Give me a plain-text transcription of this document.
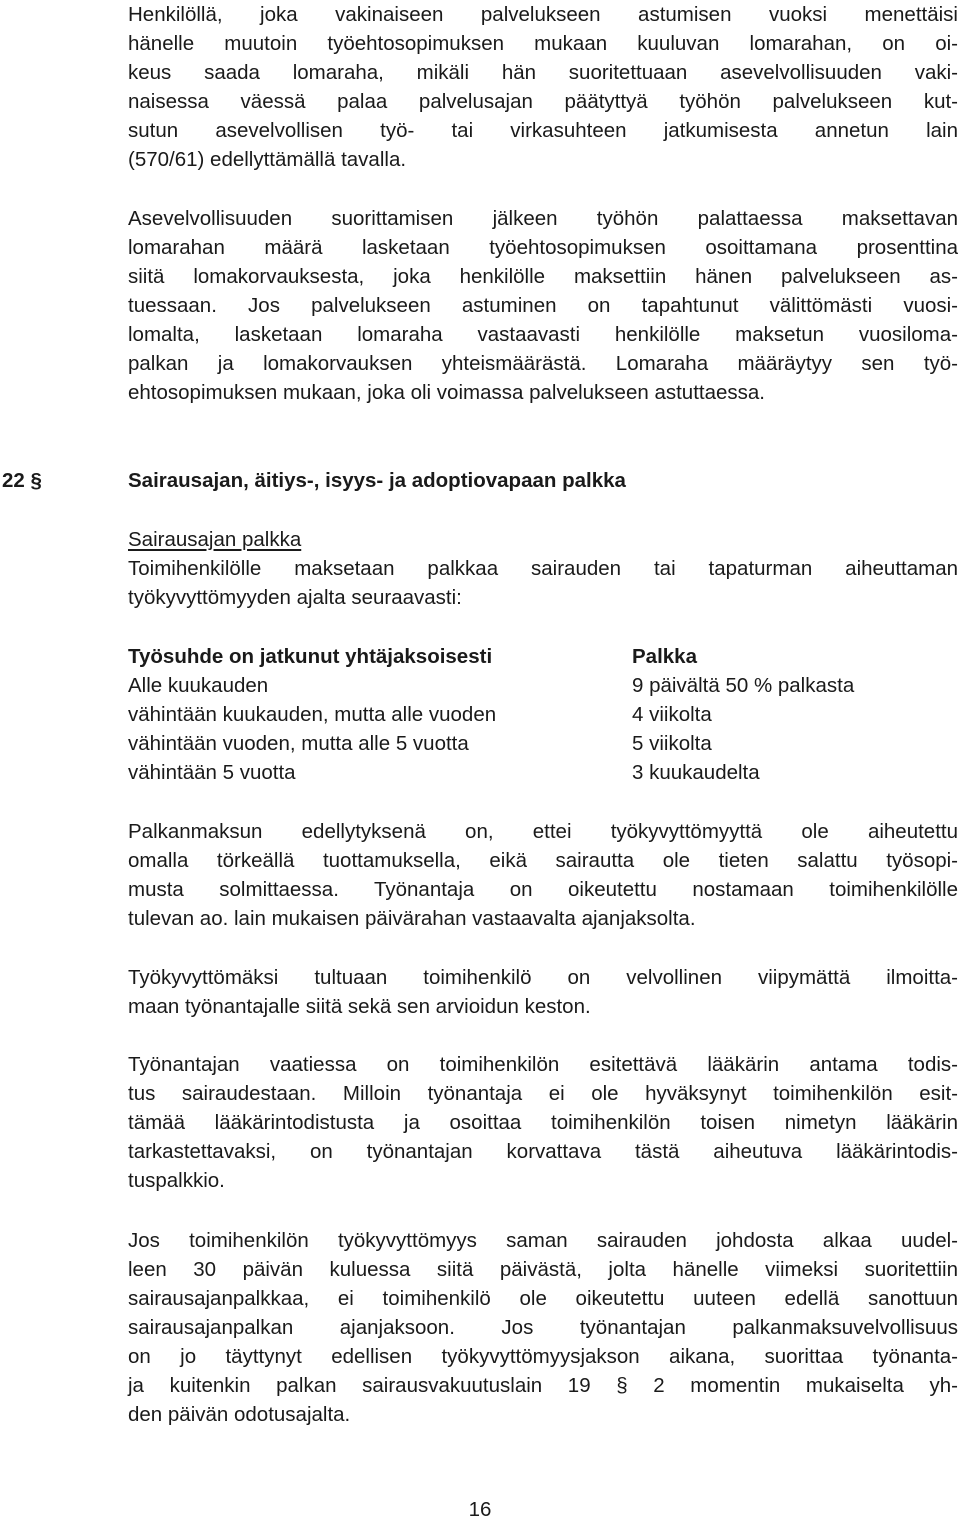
Henkilöllä, joka vakinaiseen palvelukseen astumisen vuoksi menettäisi
hänelle muutoin työehtosopimuksen mukaan kuuluvan lomarahan, on oi-
keus saada lomaraha, mikäli hän suoritettuaan asevelvollisuuden vaki-
naisessa väessä palaa palvelusajan päätyttyä työhön palvelukseen kut-
sutun asevelvollisen työ- tai virkasuhteen jatkumisesta annetun lain
(570/61) edellyttämällä tavalla.
Asevelvollisuuden suorittamisen jälkeen työhön palattaessa maksettavan
lomarahan määrä lasketaan työehtosopimuksen osoittamana prosenttina
siitä lomakorvauksesta, joka henkilölle maksettiin hänen palvelukseen as-
tuessaan. Jos palvelukseen astuminen on tapahtunut välittömästi vuosi-
lomalta, lasketaan lomaraha vastaavasti henkilölle maksetun vuosiloma-
palkan ja lomakorvauksen yhteismäärästä. Lomaraha määräytyy sen työ-
ehtosopimuksen mukaan, joka oli voimassa palvelukseen astuttaessa.
22 §	Sairausajan, äitiys-, isyys- ja adoptiovapaan palkka
Sairausajan palkka
Toimihenkilölle maksetaan palkkaa sairauden tai tapaturman aiheuttaman
työkyvyttömyyden ajalta seuraavasti:
Työsuhde on jatkunut yhtäjaksoisesti	Palkka
Alle kuukauden	9 päivältä 50 % palkasta
vähintään kuukauden, mutta alle vuoden	4 viikolta
vähintään vuoden, mutta alle 5 vuotta	5 viikolta
vähintään 5 vuotta	3 kuukaudelta
Palkanmaksun edellytyksenä on, ettei työkyvyttömyyttä ole aiheutettu
omalla törkeällä tuottamuksella, eikä sairautta ole tieten salattu työsopi-
musta solmittaessa. Työnantaja on oikeutettu nostamaan toimihenkilölle
tulevan ao. lain mukaisen päivärahan vastaavalta ajanjaksolta.
Työkyvyttömäksi tultuaan toimihenkilö on velvollinen viipymättä ilmoitta-
maan työnantajalle siitä sekä sen arvioidun keston.
Työnantajan vaatiessa on toimihenkilön esitettävä lääkärin antama todis-
tus sairaudestaan. Milloin työnantaja ei ole hyväksynyt toimihenkilön esit-
tämää lääkärintodistusta ja osoittaa toimihenkilön toisen nimetyn lääkärin
tarkastettavaksi, on työnantajan korvattava tästä aiheutuva lääkärintodis-
tuspalkkio.
Jos toimihenkilön työkyvyttömyys saman sairauden johdosta alkaa uudel-
leen 30 päivän kuluessa siitä päivästä, jolta hänelle viimeksi suoritettiin
sairausajanpalkkaa, ei toimihenkilö ole oikeutettu uuteen edellä sanottuun
sairausajanpalkan ajanjaksoon. Jos työnantajan palkanmaksuvelvollisuus
on jo täyttynyt edellisen työkyvyttömyysjakson aikana, suorittaa työnanta-
ja kuitenkin palkan sairausvakuutuslain 19 § 2 momentin mukaiselta yh-
den päivän odotusajalta.
16
